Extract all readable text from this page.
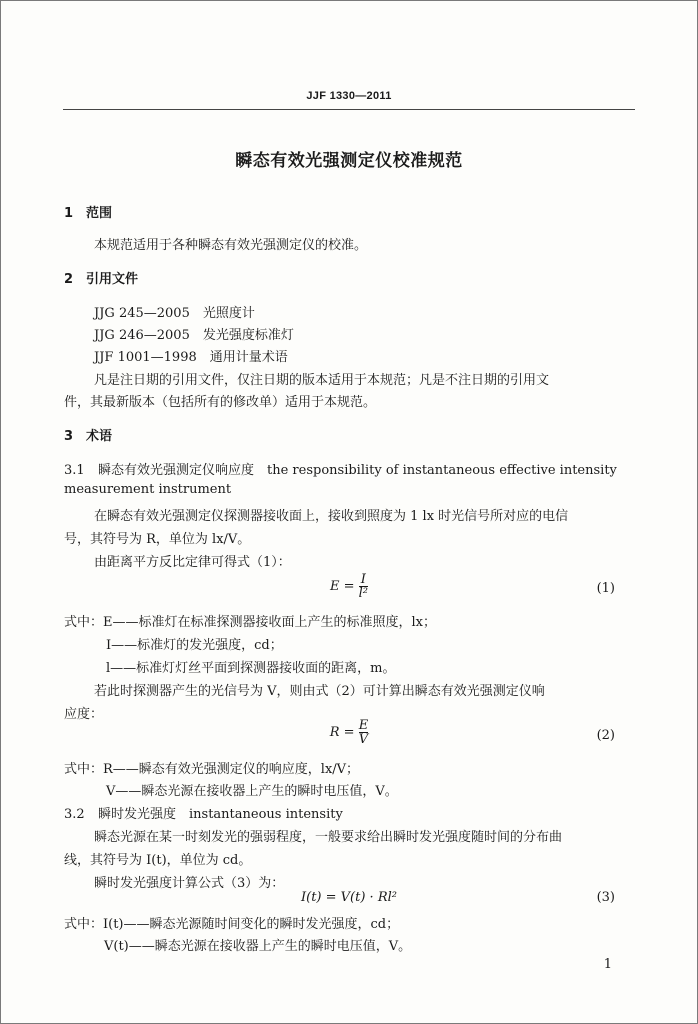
JJF 1330—2011
瞬态有效光强测定仪校准规范
1 范围
本规范适用于各种瞬态有效光强测定仪的校准。
2 引用文件
JJG 245—2005　光照度计
JJG 246—2005　发光强度标准灯
JJF 1001—1998　通用计量术语
凡是注日期的引用文件，仅注日期的版本适用于本规范；凡是不注日期的引用文
件，其最新版本（包括所有的修改单）适用于本规范。
3 术语
3.1 瞬态有效光强测定仪响应度　the responsibility of instantaneous effective intensity
measurement instrument
在瞬态有效光强测定仪探测器接收面上，接收到照度为 1 lx 时光信号所对应的电信
号，其符号为 R，单位为 lx/V。
由距离平方反比定律可得式（1）：
$E = \frac{I}{\text{l²}}$	(1)
式中：E——标准灯在标准探测器接收面上产生的标准照度，lx；
I——标准灯的发光强度，cd；
l——标准灯灯丝平面到探测器接收面的距离，m。
若此时探测器产生的光信号为 V，则由式（2）可计算出瞬态有效光强测定仪响
应度：
$R = \frac{E}{V}$	(2)
式中：R——瞬态有效光强测定仪的响应度，lx/V；
V——瞬态光源在接收器上产生的瞬时电压值，V。
3.2 瞬时发光强度　instantaneous intensity
瞬态光源在某一时刻发光的强弱程度，一般要求给出瞬时发光强度随时间的分布曲
线，其符号为 I(t)，单位为 cd。
瞬时发光强度计算公式（3）为：
I(t) = V(t) · Rl²	(3)
式中：I(t)——瞬态光源随时间变化的瞬时发光强度，cd；
V(t)——瞬态光源在接收器上产生的瞬时电压值，V。
1
